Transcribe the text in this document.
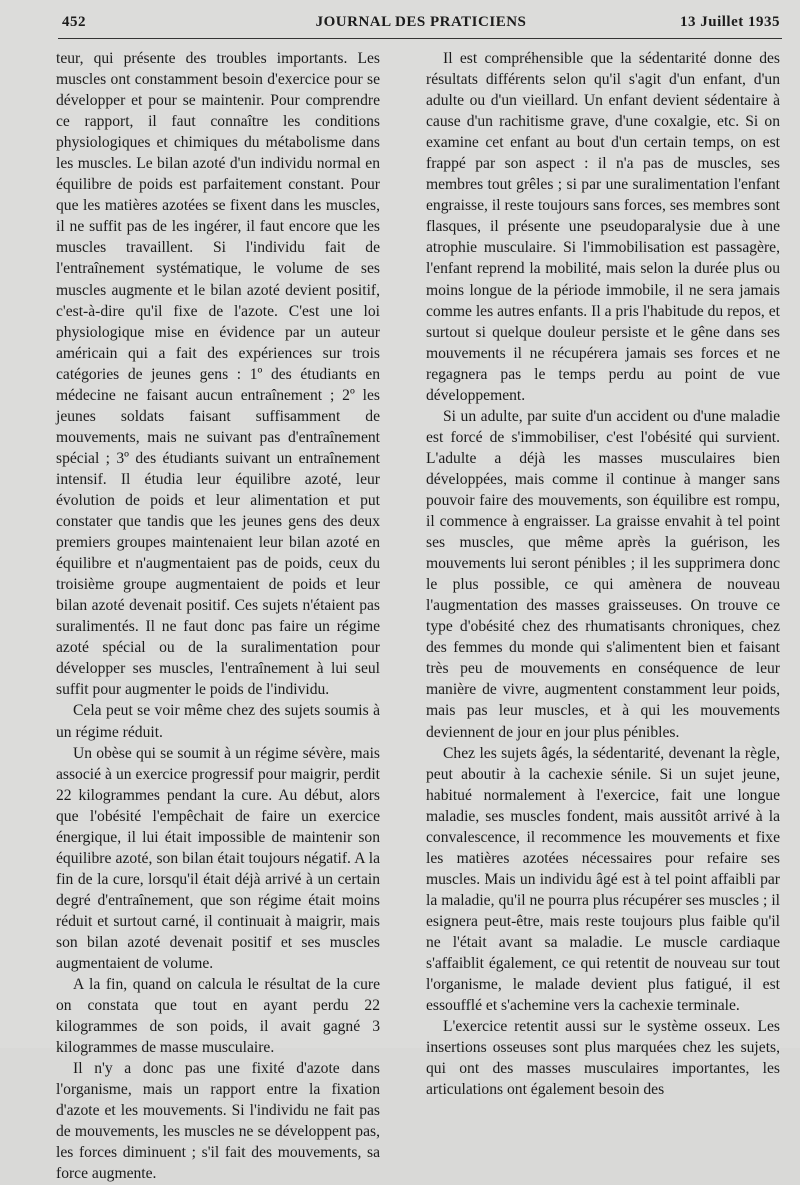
452	JOURNAL DES PRATICIENS	13 Juillet 1935

teur, qui présente des troubles importants. Les muscles ont constamment besoin d'exercice pour se développer et pour se maintenir. Pour comprendre ce rapport, il faut connaître les conditions physiologiques et chimiques du métabolisme dans les muscles. Le bilan azoté d'un individu normal en équilibre de poids est parfaitement constant. Pour que les matières azotées se fixent dans les muscles, il ne suffit pas de les ingérer, il faut encore que les muscles travaillent. Si l'individu fait de l'entraînement systématique, le volume de ses muscles augmente et le bilan azoté devient positif, c'est-à-dire qu'il fixe de l'azote. C'est une loi physiologique mise en évidence par un auteur américain qui a fait des expériences sur trois catégories de jeunes gens : 1º des étudiants en médecine ne faisant aucun entraînement ; 2º les jeunes soldats faisant suffisamment de mouvements, mais ne suivant pas d'entraînement spécial ; 3º des étudiants suivant un entraînement intensif. Il étudia leur équilibre azoté, leur évolution de poids et leur alimentation et put constater que tandis que les jeunes gens des deux premiers groupes maintenaient leur bilan azoté en équilibre et n'augmentaient pas de poids, ceux du troisième groupe augmentaient de poids et leur bilan azoté devenait positif. Ces sujets n'étaient pas suralimentés. Il ne faut donc pas faire un régime azoté spécial ou de la suralimentation pour développer ses muscles, l'entraînement à lui seul suffit pour augmenter le poids de l'individu.

Cela peut se voir même chez des sujets soumis à un régime réduit.

Un obèse qui se soumit à un régime sévère, mais associé à un exercice progressif pour maigrir, perdit 22 kilogrammes pendant la cure. Au début, alors que l'obésité l'empêchait de faire un exercice énergique, il lui était impossible de maintenir son équilibre azoté, son bilan était toujours négatif. A la fin de la cure, lorsqu'il était déjà arrivé à un certain degré d'entraînement, que son régime était moins réduit et surtout carné, il continuait à maigrir, mais son bilan azoté devenait positif et ses muscles augmentaient de volume.

A la fin, quand on calcula le résultat de la cure on constata que tout en ayant perdu 22 kilogrammes de son poids, il avait gagné 3 kilogrammes de masse musculaire.

Il n'y a donc pas une fixité d'azote dans l'organisme, mais un rapport entre la fixation d'azote et les mouvements. Si l'individu ne fait pas de mouvements, les muscles ne se développent pas, les forces diminuent ; s'il fait des mouvements, sa force augmente.

Il est compréhensible que la sédentarité donne des résultats différents selon qu'il s'agit d'un enfant, d'un adulte ou d'un vieillard. Un enfant devient sédentaire à cause d'un rachitisme grave, d'une coxalgie, etc. Si on examine cet enfant au bout d'un certain temps, on est frappé par son aspect : il n'a pas de muscles, ses membres tout grêles ; si par une suralimentation l'enfant engraisse, il reste toujours sans forces, ses membres sont flasques, il présente une pseudoparalysie due à une atrophie musculaire. Si l'immobilisation est passagère, l'enfant reprend la mobilité, mais selon la durée plus ou moins longue de la période immobile, il ne sera jamais comme les autres enfants. Il a pris l'habitude du repos, et surtout si quelque douleur persiste et le gêne dans ses mouvements il ne récupérera jamais ses forces et ne regagnera pas le temps perdu au point de vue développement.

Si un adulte, par suite d'un accident ou d'une maladie est forcé de s'immobiliser, c'est l'obésité qui survient. L'adulte a déjà les masses musculaires bien développées, mais comme il continue à manger sans pouvoir faire des mouvements, son équilibre est rompu, il commence à engraisser. La graisse envahit à tel point ses muscles, que même après la guérison, les mouvements lui seront pénibles ; il les supprimera donc le plus possible, ce qui amènera de nouveau l'augmentation des masses graisseuses. On trouve ce type d'obésité chez des rhumatisants chroniques, chez des femmes du monde qui s'alimentent bien et faisant très peu de mouvements en conséquence de leur manière de vivre, augmentent constamment leur poids, mais pas leur muscles, et à qui les mouvements deviennent de jour en jour plus pénibles.

Chez les sujets âgés, la sédentarité, devenant la règle, peut aboutir à la cachexie sénile. Si un sujet jeune, habitué normalement à l'exercice, fait une longue maladie, ses muscles fondent, mais aussitôt arrivé à la convalescence, il recommence les mouvements et fixe les matières azotées nécessaires pour refaire ses muscles. Mais un individu âgé est à tel point affaibli par la maladie, qu'il ne pourra plus récupérer ses muscles ; il esignera peut-être, mais reste toujours plus faible qu'il ne l'était avant sa maladie. Le muscle cardiaque s'affaiblit également, ce qui retentit de nouveau sur tout l'organisme, le malade devient plus fatigué, il est essoufflé et s'achemine vers la cachexie terminale.

L'exercice retentit aussi sur le système osseux. Les insertions osseuses sont plus marquées chez les sujets, qui ont des masses musculaires importantes, les articulations ont également besoin des
